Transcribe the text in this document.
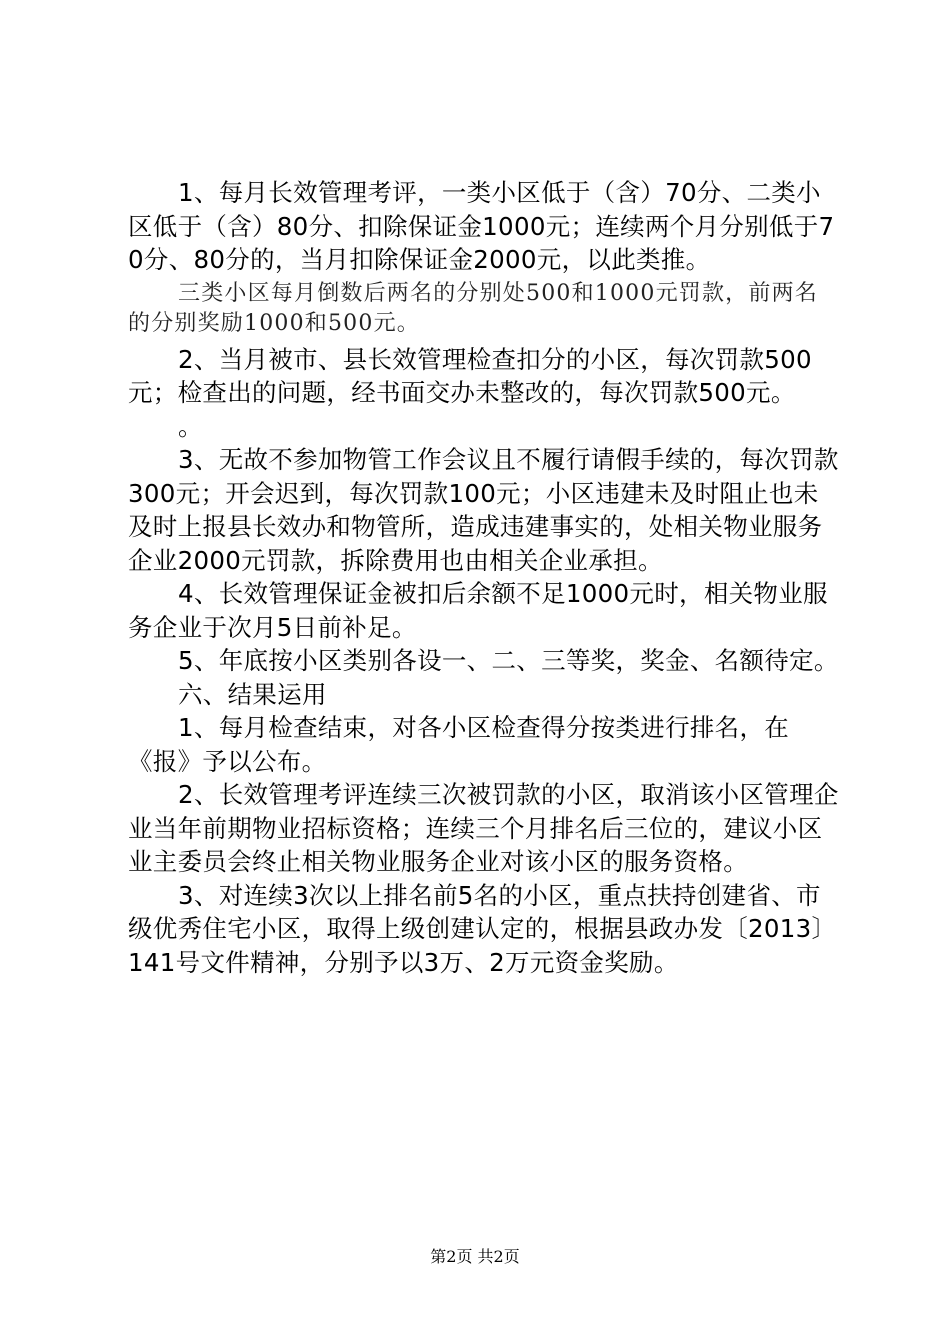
1、每月长效管理考评，一类小区低于（含）70分、二类小区低于（含）80分、扣除保证金1000元；连续两个月分别低于70分、80分的，当月扣除保证金2000元，以此类推。

三类小区每月倒数后两名的分别处500和1000元罚款，前两名的分别奖励1000和500元。

2、当月被市、县长效管理检查扣分的小区，每次罚款500元；检查出的问题，经书面交办未整改的，每次罚款500元。

。

3、无故不参加物管工作会议且不履行请假手续的，每次罚款300元；开会迟到，每次罚款100元；小区违建未及时阻止也未及时上报县长效办和物管所，造成违建事实的，处相关物业服务企业2000元罚款，拆除费用也由相关企业承担。

4、长效管理保证金被扣后余额不足1000元时，相关物业服务企业于次月5日前补足。

5、年底按小区类别各设一、二、三等奖，奖金、名额待定。

六、结果运用

1、每月检查结束，对各小区检查得分按类进行排名，在《报》予以公布。

2、长效管理考评连续三次被罚款的小区，取消该小区管理企业当年前期物业招标资格；连续三个月排名后三位的，建议小区业主委员会终止相关物业服务企业对该小区的服务资格。

3、对连续3次以上排名前5名的小区，重点扶持创建省、市级优秀住宅小区，取得上级创建认定的，根据县政办发〔2013〕141号文件精神，分别予以3万、2万元资金奖励。

第2页 共2页
